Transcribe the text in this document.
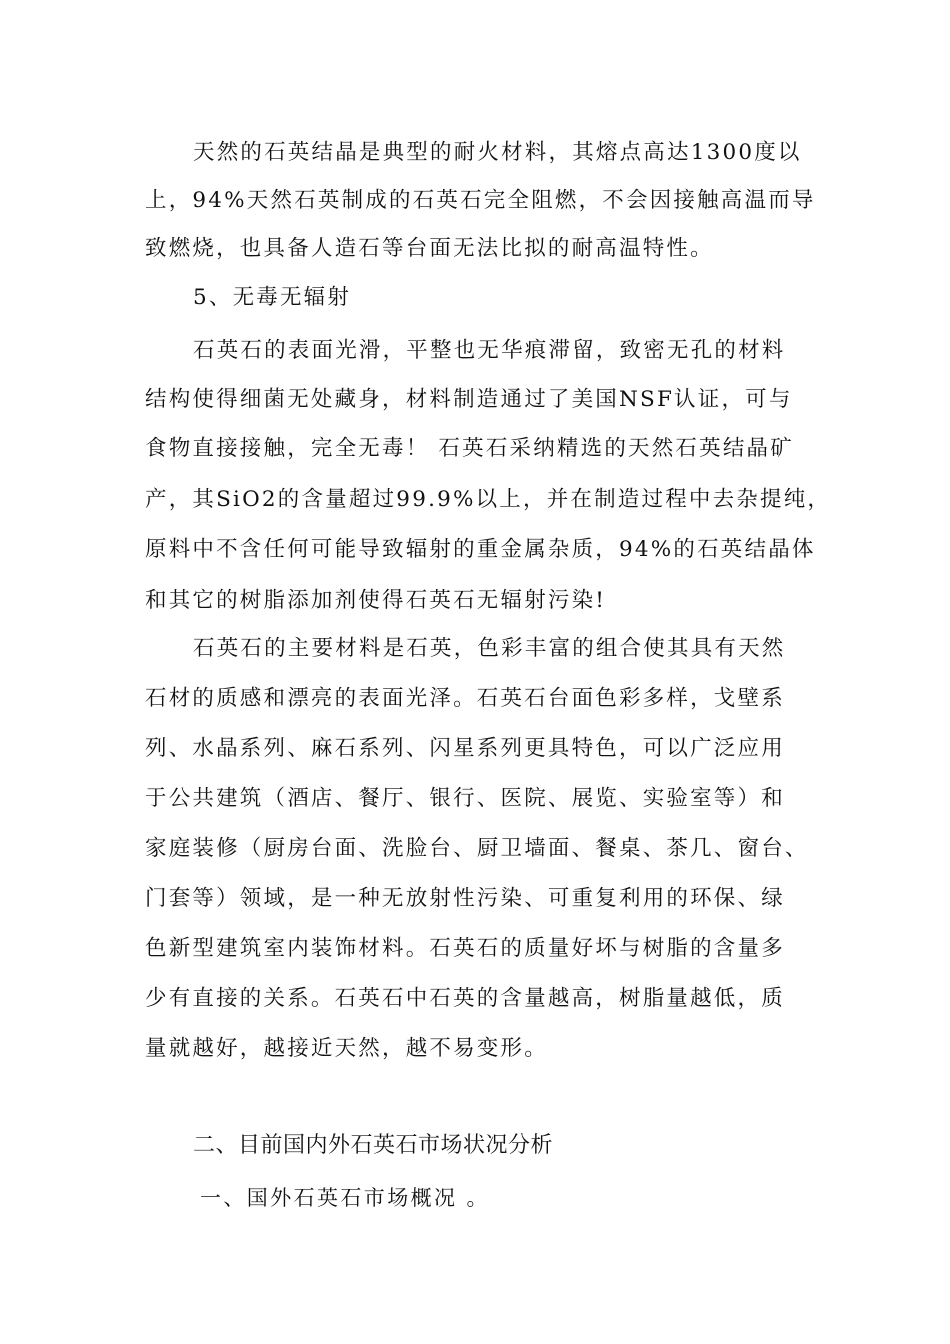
天然的石英结晶是典型的耐火材料，其熔点高达1300度以
上，94%天然石英制成的石英石完全阻燃，不会因接触高温而导
致燃烧，也具备人造石等台面无法比拟的耐高温特性。
5、无毒无辐射
石英石的表面光滑，平整也无华痕滞留，致密无孔的材料
结构使得细菌无处藏身，材料制造通过了美国NSF认证，可与
食物直接接触，完全无毒！ 石英石采纳精选的天然石英结晶矿
产，其SiO2的含量超过99.9%以上，并在制造过程中去杂提纯，
原料中不含任何可能导致辐射的重金属杂质，94%的石英结晶体
和其它的树脂添加剂使得石英石无辐射污染!
石英石的主要材料是石英，色彩丰富的组合使其具有天然
石材的质感和漂亮的表面光泽。石英石台面色彩多样，戈壁系
列、水晶系列、麻石系列、闪星系列更具特色，可以广泛应用
于公共建筑（酒店、餐厅、银行、医院、展览、实验室等）和
家庭装修（厨房台面、洗脸台、厨卫墙面、餐桌、茶几、窗台、
门套等）领域，是一种无放射性污染、可重复利用的环保、绿
色新型建筑室内装饰材料。石英石的质量好坏与树脂的含量多
少有直接的关系。石英石中石英的含量越高，树脂量越低，质
量就越好，越接近天然，越不易变形。
二、目前国内外石英石市场状况分析
一、国外石英石市场概况 。
